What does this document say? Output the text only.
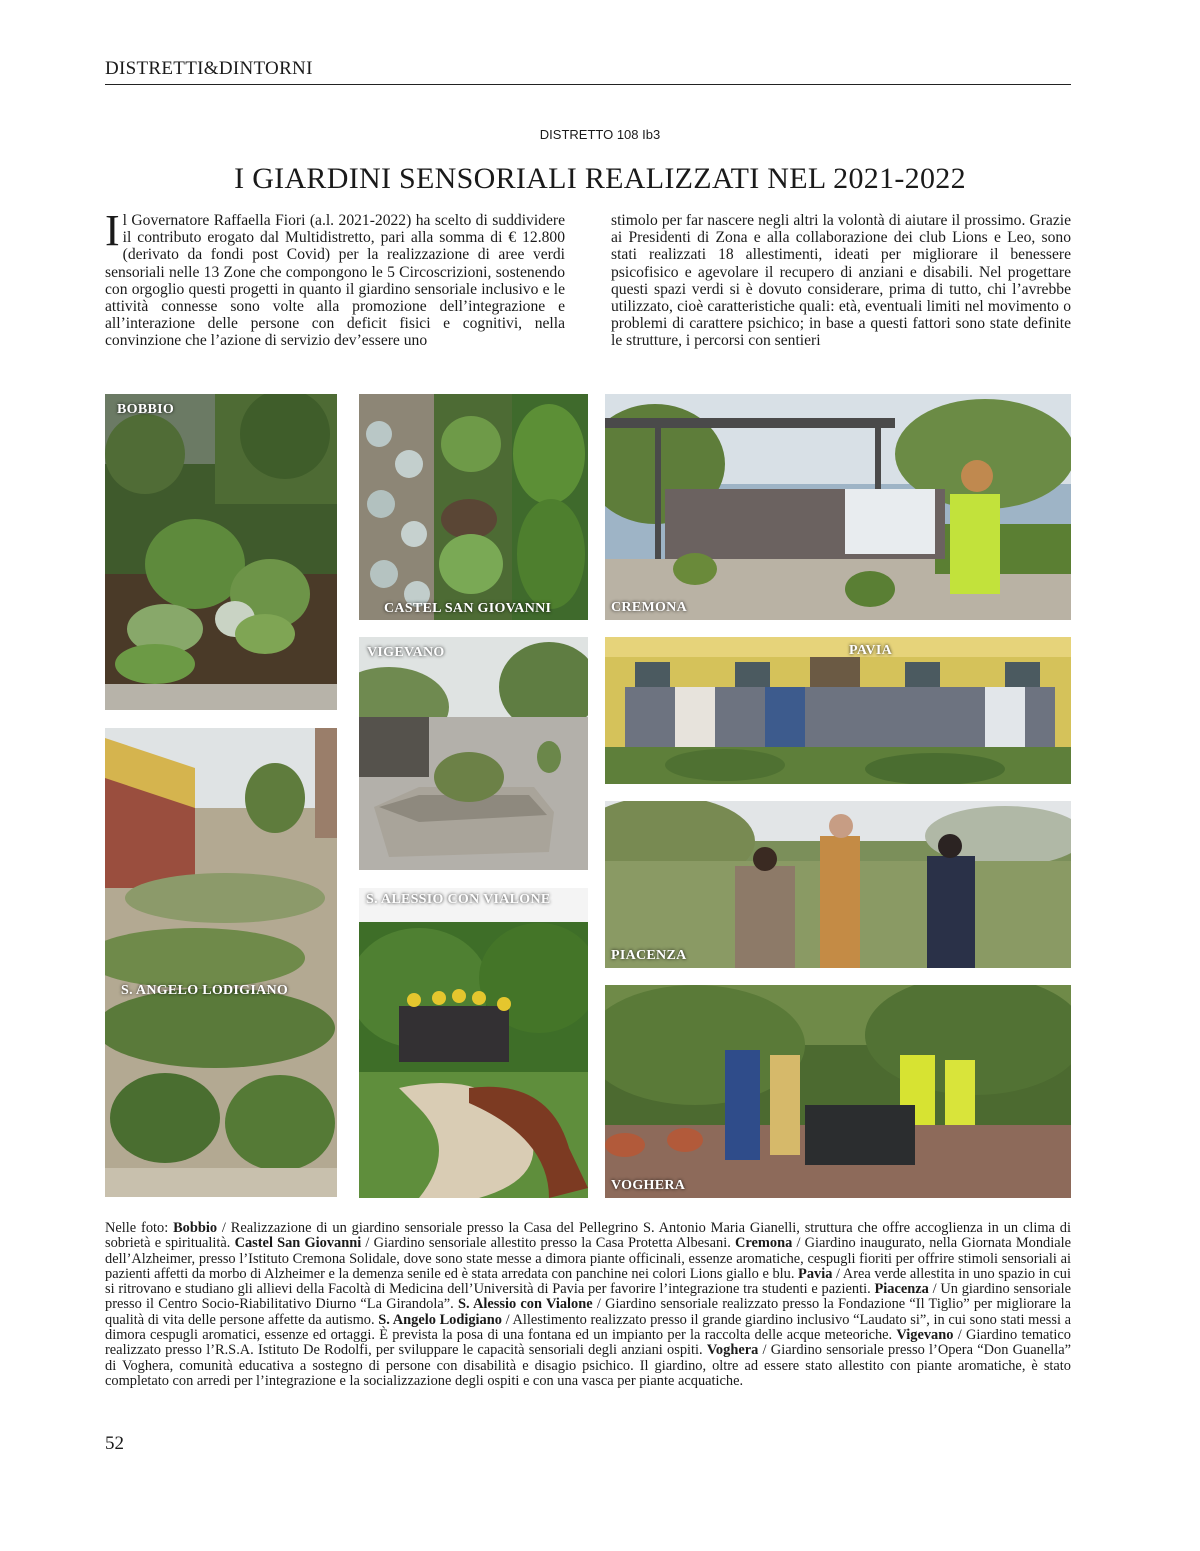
DISTRETTI&DINTORNI
DISTRETTO 108 Ib3
I GIARDINI SENSORIALI REALIZZATI NEL 2021-2022

Il Governatore Raffaella Fiori (a.l. 2021-2022) ha scelto di suddividere il contributo erogato dal Multidistretto, pari alla somma di € 12.800 (derivato da fondi post Covid) per la realizzazione di aree verdi sensoriali nelle 13 Zone che compongono le 5 Circoscrizioni, sostenendo con orgoglio questi progetti in quanto il giardino sensoriale inclusivo e le attività connesse sono volte alla promozione dell’integrazione e all’interazione delle persone con deficit fisici e cognitivi, nella convinzione che l’azione di servizio dev’essere uno

stimolo per far nascere negli altri la volontà di aiutare il prossimo. Grazie ai Presidenti di Zona e alla collaborazione dei club Lions e Leo, sono stati realizzati 18 allestimenti, ideati per migliorare il benessere psicofisico e agevolare il recupero di anziani e disabili. Nel progettare questi spazi verdi si è dovuto considerare, prima di tutto, chi l’avrebbe utilizzato, cioè caratteristiche quali: età, eventuali limiti nel movimento o problemi di carattere psichico; in base a questi fattori sono state definite le strutture, i percorsi con sentieri

BOBBIO
CASTEL SAN GIOVANNI	CREMONA
VIGEVANO	PAVIA
S. ANGELO LODIGIANO
S. ALESSIO CON VIALONE
PIACENZA
VOGHERA

Nelle foto: Bobbio / Realizzazione di un giardino sensoriale presso la Casa del Pellegrino S. Antonio Maria Gianelli, struttura che offre accoglienza in un clima di sobrietà e spiritualità. Castel San Giovanni / Giardino sensoriale allestito presso la Casa Protetta Albesani. Cremona / Giardino inaugurato, nella Giornata Mondiale dell’Alzheimer, presso l’Istituto Cremona Solidale, dove sono state messe a dimora piante officinali, essenze aromatiche, cespugli fioriti per offrire stimoli sensoriali ai pazienti affetti da morbo di Alzheimer e la demenza senile ed è stata arredata con panchine nei colori Lions giallo e blu. Pavia / Area verde allestita in uno spazio in cui si ritrovano e studiano gli allievi della Facoltà di Medicina dell’Università di Pavia per favorire l’integrazione tra studenti e pazienti. Piacenza / Un giardino sensoriale presso il Centro Socio-Riabilitativo Diurno “La Girandola”. S. Alessio con Vialone / Giardino sensoriale realizzato presso la Fondazione “Il Tiglio” per migliorare la qualità di vita delle persone affette da autismo. S. Angelo Lodigiano / Allestimento realizzato presso il grande giardino inclusivo “Laudato si”, in cui sono stati messi a dimora cespugli aromatici, essenze ed ortaggi. È prevista la posa di una fontana ed un impianto per la raccolta delle acque meteoriche. Vigevano / Giardino tematico realizzato presso l’R.S.A. Istituto De Rodolfi, per sviluppare le capacità sensoriali degli anziani ospiti. Voghera / Giardino sensoriale presso l’Opera “Don Guanella” di Voghera, comunità educativa a sostegno di persone con disabilità e disagio psichico. Il giardino, oltre ad essere stato allestito con piante aromatiche, è stato completato con arredi per l’integrazione e la socializzazione degli ospiti e con una vasca per piante acquatiche.

52
